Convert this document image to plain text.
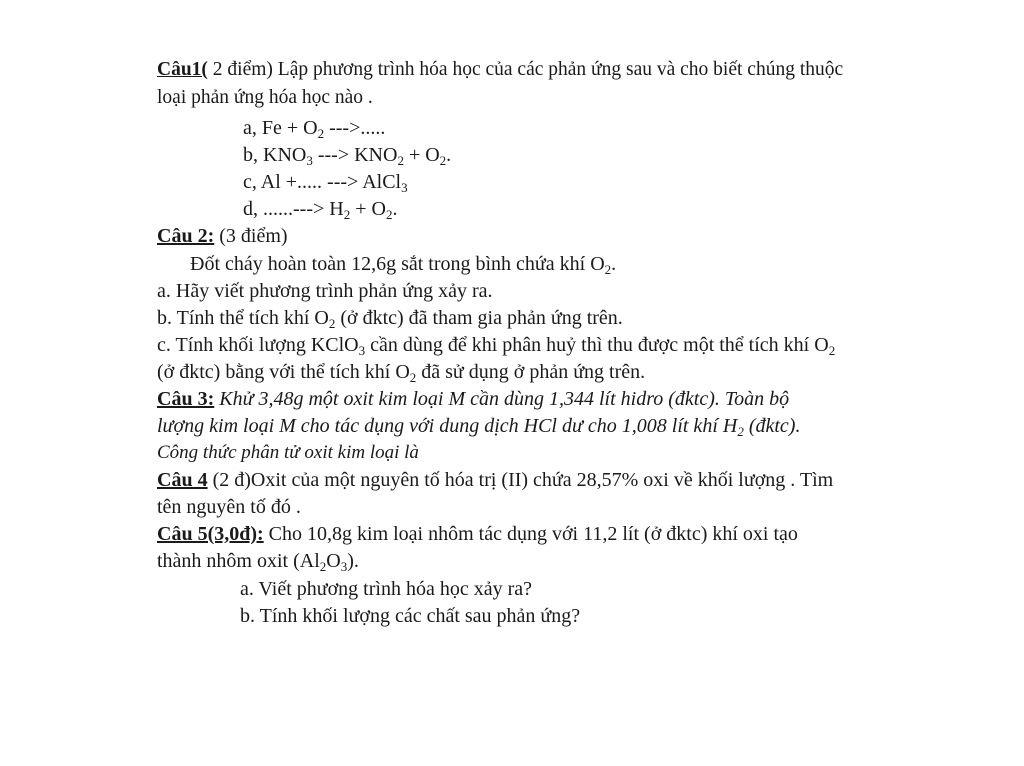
Câu1( 2 điểm) Lập phương trình hóa học của các phản ứng sau và cho biết chúng thuộc
loại phản ứng hóa học nào .
a, $Fe + O_2$ --->.....
b, $KNO_3$ ---> $KNO_2 + O_2$.
c, Al +..... ---> AlCl$_3$
d, ......---> $H_2 + O_2$.
Câu 2: (3 điểm)
Đốt cháy hoàn toàn 12,6g sắt trong bình chứa khí $O_2$.
a. Hãy viết phương trình phản ứng xảy ra.
b. Tính thể tích khí $O_2$ (ở đktc) đã tham gia phản ứng trên.
c. Tính khối lượng KClO$_3$ cần dùng để khi phân huỷ thì thu được một thể tích khí $O_2$
(ở đktc) bằng với thể tích khí $O_2$ đã sử dụng ở phản ứng trên.
Câu 3: Khử 3,48g một oxit kim loại M cần dùng 1,344 lít hidro (đktc). Toàn bộ
lượng kim loại M cho tác dụng với dung dịch HCl dư cho 1,008 lít khí $H_2$ (đktc).
Công thức phân tử oxit kim loại là
Câu 4 (2 đ)Oxit của một nguyên tố hóa trị (II) chứa 28,57% oxi về khối lượng . Tìm
tên nguyên tố đó .
Câu 5(3,0đ): Cho 10,8g kim loại nhôm tác dụng với 11,2 lít (ở đktc) khí oxi tạo
thành nhôm oxit $(Al_2O_3)$.
a. Viết phương trình hóa học xảy ra?
b. Tính khối lượng các chất sau phản ứng?
